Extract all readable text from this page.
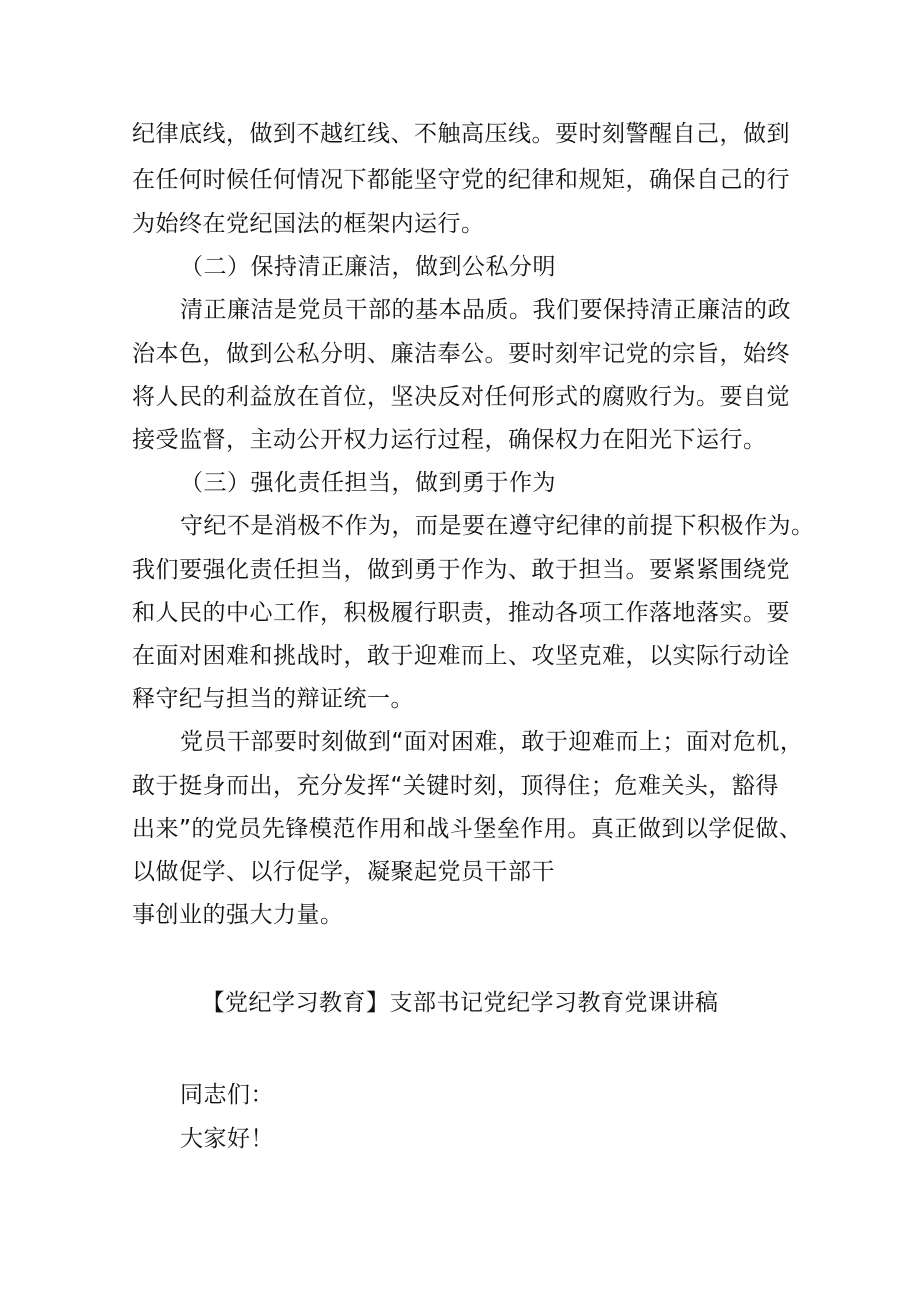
纪律底线，做到不越红线、不触高压线。要时刻警醒自己，做到
在任何时候任何情况下都能坚守党的纪律和规矩，确保自己的行
为始终在党纪国法的框架内运行。
（二）保持清正廉洁，做到公私分明
清正廉洁是党员干部的基本品质。我们要保持清正廉洁的政
治本色，做到公私分明、廉洁奉公。要时刻牢记党的宗旨，始终
将人民的利益放在首位，坚决反对任何形式的腐败行为。要自觉
接受监督，主动公开权力运行过程，确保权力在阳光下运行。
（三）强化责任担当，做到勇于作为
守纪不是消极不作为，而是要在遵守纪律的前提下积极作为。
我们要强化责任担当，做到勇于作为、敢于担当。要紧紧围绕党
和人民的中心工作，积极履行职责，推动各项工作落地落实。要
在面对困难和挑战时，敢于迎难而上、攻坚克难，以实际行动诠
释守纪与担当的辩证统一。
党员干部要时刻做到“面对困难，敢于迎难而上；面对危机，
敢于挺身而出，充分发挥“关键时刻，顶得住；危难关头，豁得
出来”的党员先锋模范作用和战斗堡垒作用。真正做到以学促做、
以做促学、以行促学，凝聚起党员干部干
事创业的强大力量。
【党纪学习教育】支部书记党纪学习教育党课讲稿
同志们：
大家好！
